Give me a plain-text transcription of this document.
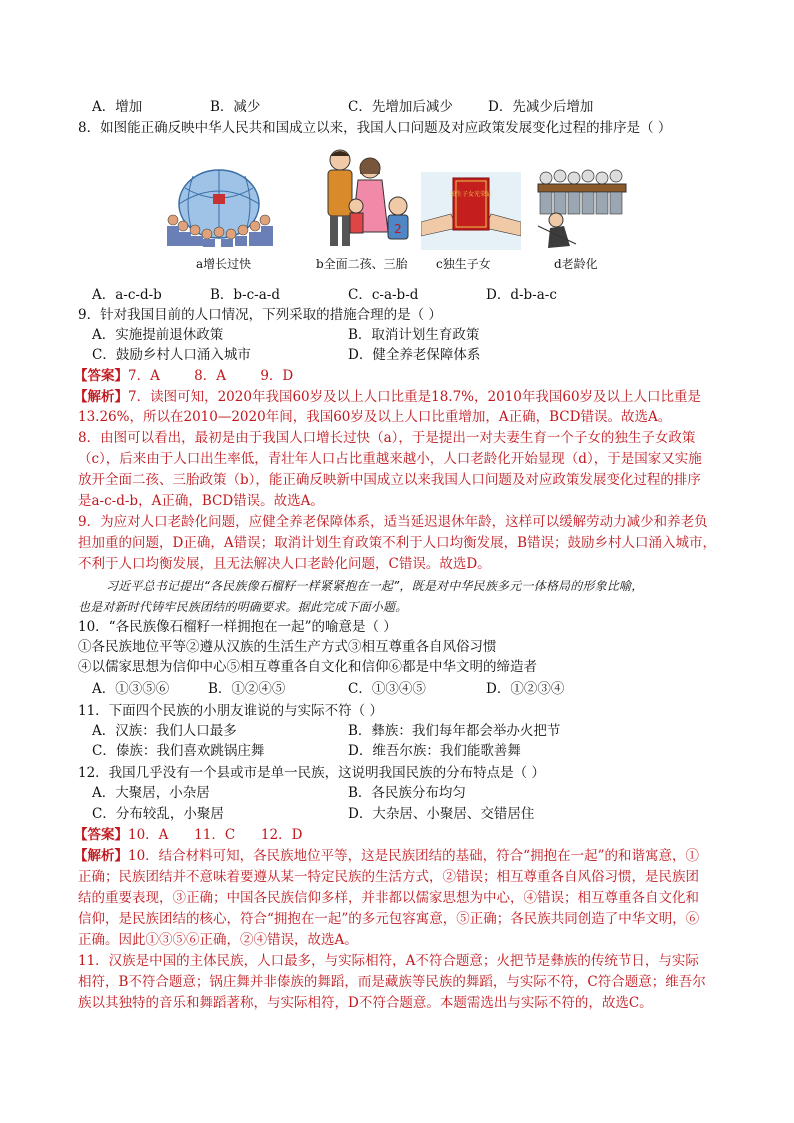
A．增加	B．减少	C．先增加后减少	D．先减少后增加
8．如图能正确反映中华人民共和国成立以来，我国人口问题及对应政策发展变化过程的排序是（ ）
2
独生子女光荣证
a增长过快	b全面二孩、三胎 c独生子女	d老龄化
A．a-c-d-b	B．b-c-a-d	C．c-a-b-d	D．d-b-a-c
9．针对我国目前的人口情况，下列采取的措施合理的是（ ）
A．实施提前退休政策	B．取消计划生育政策
C．鼓励乡村人口涌入城市	D．健全养老保障体系
【答案】7．A        8．A        9．D
【解析】7．读图可知，2020年我国60岁及以上人口比重是18.7%，2010年我国60岁及以上人口比重是
13.26%，所以在2010—2020年间，我国60岁及以上人口比重增加，A正确，BCD错误。故选A。
8．由图可以看出，最初是由于我国人口增长过快（a），于是提出一对夫妻生育一个子女的独生子女政策
（c），后来由于人口出生率低，青壮年人口占比重越来越小，人口老龄化开始显现（d），于是国家又实施
放开全面二孩、三胎政策（b），能正确反映新中国成立以来我国人口问题及对应政策发展变化过程的排序
是a-c-d-b，A正确，BCD错误。故选A。
9．为应对人口老龄化问题，应健全养老保障体系，适当延迟退休年龄，这样可以缓解劳动力减少和养老负
担加重的问题，D正确，A错误；取消计划生育政策不利于人口均衡发展，B错误；鼓励乡村人口涌入城市，
不利于人口均衡发展，且无法解决人口老龄化问题，C错误。故选D。
习近平总书记提出“各民族像石榴籽一样紧紧抱在一起”，既是对中华民族多元一体格局的形象比喻，
也是对新时代铸牢民族团结的明确要求。据此完成下面小题。
10．“各民族像石榴籽一样拥抱在一起”的喻意是（ ）
①各民族地位平等②遵从汉族的生活生产方式③相互尊重各自风俗习惯
④以儒家思想为信仰中心⑤相互尊重各自文化和信仰⑥都是中华文明的缔造者
A．①③⑤⑥	B．①②④⑤	C．①③④⑤	D．①②③④
11．下面四个民族的小朋友谁说的与实际不符（ ）
A．汉族：我们人口最多	B．彝族：我们每年都会举办火把节
C．傣族：我们喜欢跳锅庄舞	D．维吾尔族：我们能歌善舞
12．我国几乎没有一个县或市是单一民族，这说明我国民族的分布特点是（ ）
A．大聚居，小杂居	B．各民族分布均匀
C．分布较乱，小聚居	D．大杂居、小聚居、交错居住
【答案】10．A      11．C      12．D
【解析】10．结合材料可知，各民族地位平等，这是民族团结的基础，符合“拥抱在一起”的和谐寓意，①
正确；民族团结并不意味着要遵从某一特定民族的生活方式，②错误；相互尊重各自风俗习惯，是民族团
结的重要表现，③正确；中国各民族信仰多样，并非都以儒家思想为中心，④错误；相互尊重各自文化和
信仰，是民族团结的核心，符合“拥抱在一起”的多元包容寓意，⑤正确；各民族共同创造了中华文明，⑥
正确。因此①③⑤⑥正确，②④错误，故选A。
11．汉族是中国的主体民族，人口最多，与实际相符，A不符合题意；火把节是彝族的传统节日，与实际
相符，B不符合题意；锅庄舞并非傣族的舞蹈，而是藏族等民族的舞蹈，与实际不符，C符合题意；维吾尔
族以其独特的音乐和舞蹈著称，与实际相符，D不符合题意。本题需选出与实际不符的，故选C。
